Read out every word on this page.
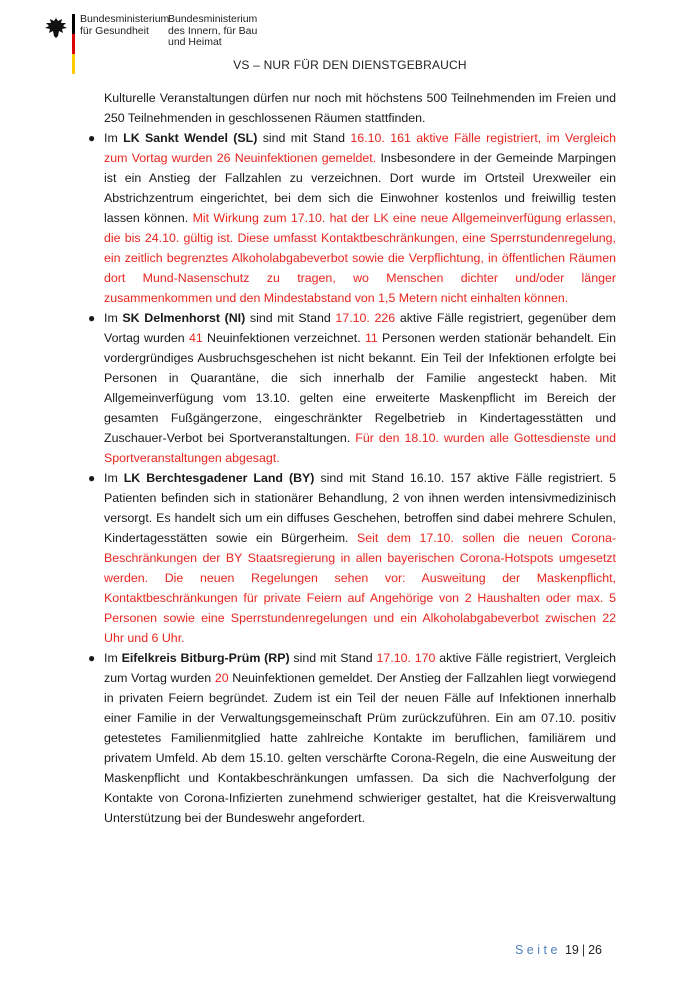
Bundesministerium für Gesundheit
Bundesministerium des Innern, für Bau und Heimat
VS – NUR FÜR DEN DIENSTGEBRAUCH

Kulturelle Veranstaltungen dürfen nur noch mit höchstens 500 Teilnehmenden im Freien und 250 Teilnehmenden in geschlossenen Räumen stattfinden.

● Im LK Sankt Wendel (SL) sind mit Stand 16.10. 161 aktive Fälle registriert, im Vergleich zum Vortag wurden 26 Neuinfektionen gemeldet. Insbesondere in der Gemeinde Marpingen ist ein Anstieg der Fallzahlen zu verzeichnen. Dort wurde im Ortsteil Urexweiler ein Abstrichzentrum eingerichtet, bei dem sich die Einwohner kostenlos und freiwillig testen lassen können. Mit Wirkung zum 17.10. hat der LK eine neue Allgemeinverfügung erlassen, die bis 24.10. gültig ist. Diese umfasst Kontaktbeschränkungen, eine Sperrstundenregelung, ein zeitlich begrenztes Alkoholabgabeverbot sowie die Verpflichtung, in öffentlichen Räumen dort Mund-Nasenschutz zu tragen, wo Menschen dichter und/oder länger zusammenkommen und den Mindestabstand von 1,5 Metern nicht einhalten können.
● Im SK Delmenhorst (NI) sind mit Stand 17.10. 226 aktive Fälle registriert, gegenüber dem Vortag wurden 41 Neuinfektionen verzeichnet. 11 Personen werden stationär behandelt. Ein vordergründiges Ausbruchsgeschehen ist nicht bekannt. Ein Teil der Infektionen erfolgte bei Personen in Quarantäne, die sich innerhalb der Familie angesteckt haben. Mit Allgemeinverfügung vom 13.10. gelten eine erweiterte Maskenpflicht im Bereich der gesamten Fußgängerzone, eingeschränkter Regelbetrieb in Kindertagesstätten und Zuschauer-Verbot bei Sportveranstaltungen. Für den 18.10. wurden alle Gottesdienste und Sportveranstaltungen abgesagt.
● Im LK Berchtesgadener Land (BY) sind mit Stand 16.10. 157 aktive Fälle registriert. 5 Patienten befinden sich in stationärer Behandlung, 2 von ihnen werden intensivmedizinisch versorgt. Es handelt sich um ein diffuses Geschehen, betroffen sind dabei mehrere Schulen, Kindertagesstätten sowie ein Bürgerheim. Seit dem 17.10. sollen die neuen Corona-Beschränkungen der BY Staatsregierung in allen bayerischen Corona-Hotspots umgesetzt werden. Die neuen Regelungen sehen vor: Ausweitung der Maskenpflicht, Kontaktbeschränkungen für private Feiern auf Angehörige von 2 Haushalten oder max. 5 Personen sowie eine Sperrstundenregelungen und ein Alkoholabgabeverbot zwischen 22 Uhr und 6 Uhr.
● Im Eifelkreis Bitburg-Prüm (RP) sind mit Stand 17.10. 170 aktive Fälle registriert, Vergleich zum Vortag wurden 20 Neuinfektionen gemeldet. Der Anstieg der Fallzahlen liegt vorwiegend in privaten Feiern begründet. Zudem ist ein Teil der neuen Fälle auf Infektionen innerhalb einer Familie in der Verwaltungsgemeinschaft Prüm zurückzuführen. Ein am 07.10. positiv getestetes Familienmitglied hatte zahlreiche Kontakte im beruflichen, familiärem und privatem Umfeld. Ab dem 15.10. gelten verschärfte Corona-Regeln, die eine Ausweitung der Maskenpflicht und Kontakbeschränkungen umfassen. Da sich die Nachverfolgung der Kontakte von Corona-Infizierten zunehmend schwieriger gestaltet, hat die Kreisverwaltung Unterstützung bei der Bundeswehr angefordert.
Seite 19 | 26
